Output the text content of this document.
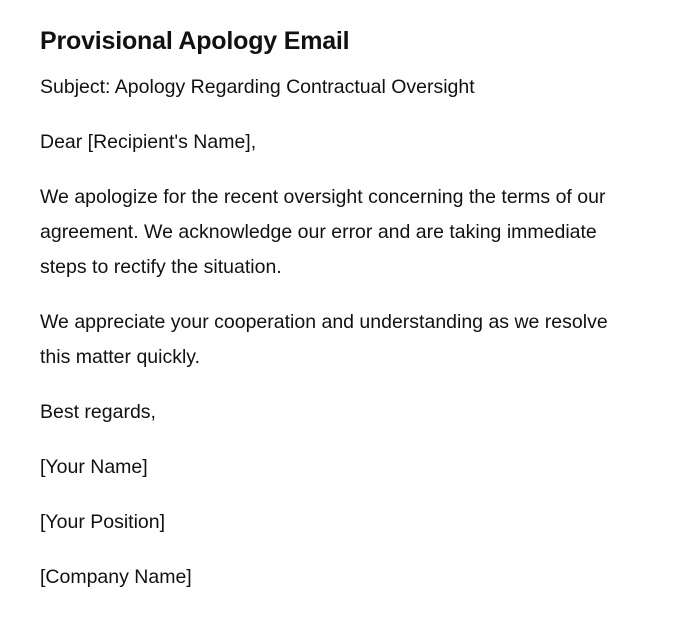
Provisional Apology Email

Subject: Apology Regarding Contractual Oversight

Dear [Recipient's Name],

We apologize for the recent oversight concerning the terms of our agreement. We acknowledge our error and are taking immediate steps to rectify the situation.

We appreciate your cooperation and understanding as we resolve this matter quickly.

Best regards,

[Your Name]

[Your Position]

[Company Name]
